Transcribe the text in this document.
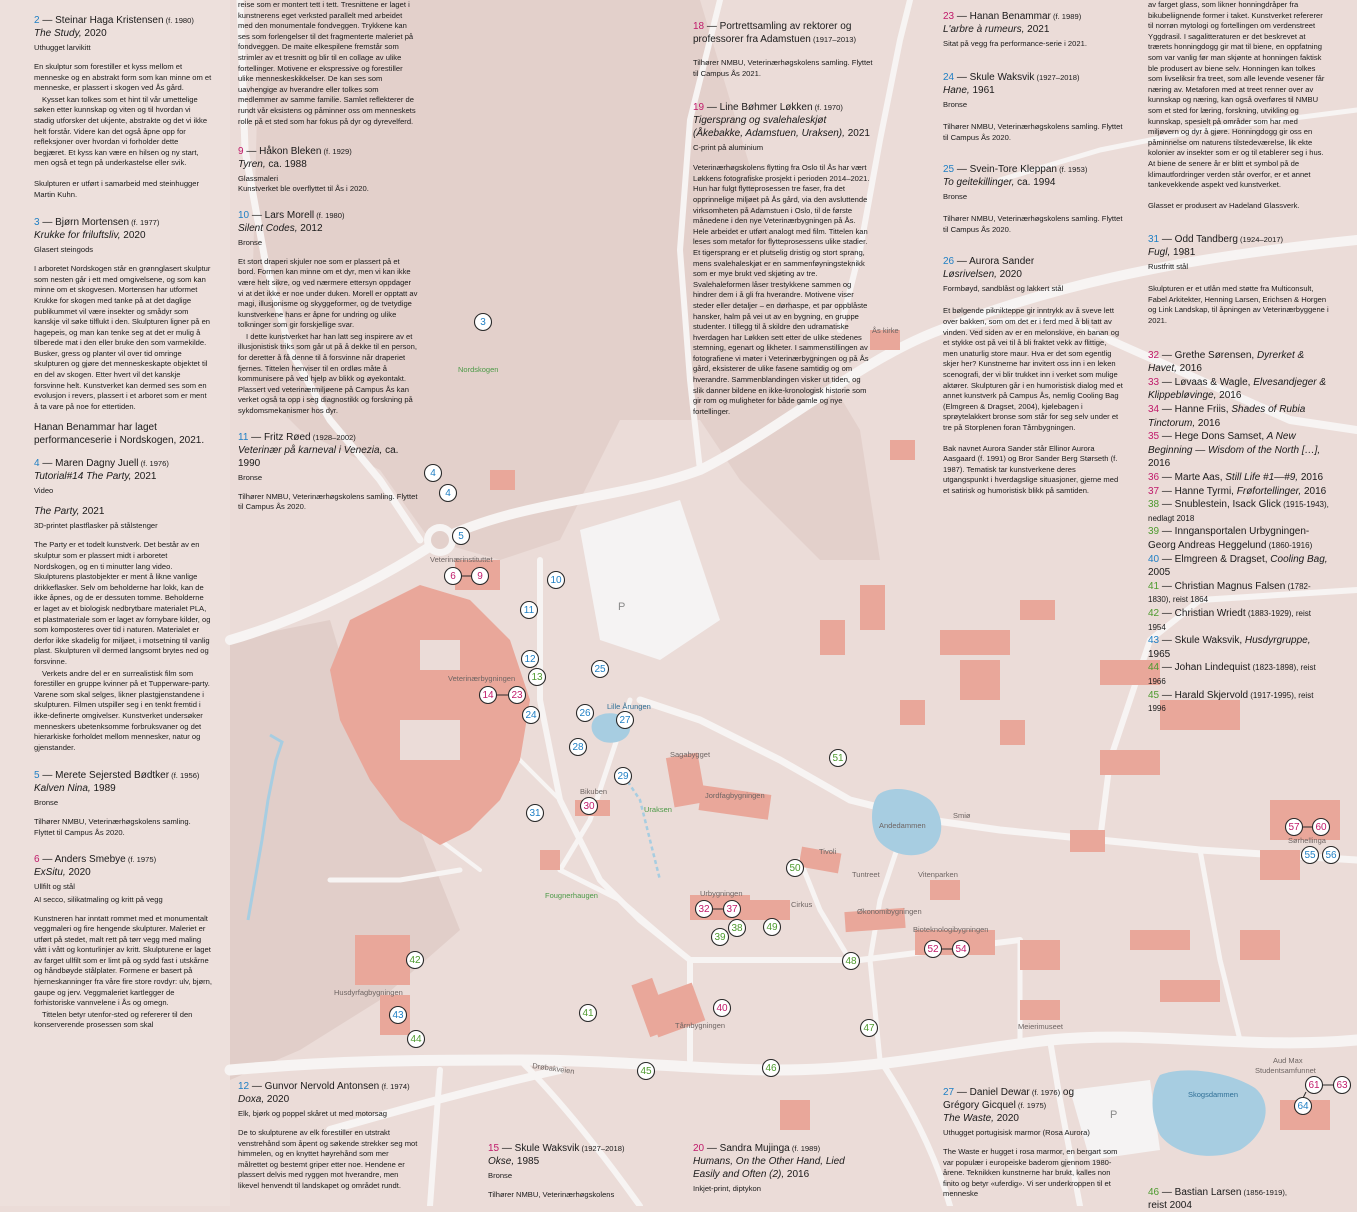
Ås kirke
Nordskogen
Veterinærinstituttet
Veterinærbygningen
P
Lille Årungen
Sagabygget
Jordfagbygningen
Bikuben
Uraksen
Smiø
Andedammen
Tivoli
Tuntreet	Vitenparken
Urbygningen
Cirkus
Økonomibygningen
Bioteknologibygningen
Fougnerhaugen
Husdyrfagbygningen
Tårnbygningen	Meierimuseet
Drøbakveien
Aud Max
Studentsamfunnet
Skogsdammen
P
Sørhellinga
3
4
4
5
6 9	10
11
12
13
25
14 23
24	26
27
28
29
30
31
51
50
32 37
39
38 49
48
52 54
42
43
44
41	40
47
45	46
57 60
55 56
61 63
64
2 — Steinar Haga Kristensen (f. 1980)
The Study, 2020
Uthugget larvikitt

En skulptur som forestiller et kyss mellom et menneske og en abstrakt form som kan minne om et menneske, er plassert i skogen ved Ås gård.

Kysset kan tolkes som et hint til vår umettelige søken etter kunnskap og viten og til hvordan vi stadig utforsker det ukjente, abstrakte og det vi ikke helt forstår. Videre kan det også åpne opp for refleksjoner over hvordan vi forholder dette begjæret. Et kyss kan være en hilsen og ny start, men også et tegn på underkastelse eller svik.

Skulpturen er utført i samarbeid med steinhugger Martin Kuhn.

3 — Bjørn Mortensen (f. 1977)
Krukke for friluftsliv, 2020
Glasert steingods

I arboretet Nordskogen står en grønnglasert skulptur som nesten går i ett med omgivelsene, og som kan minne om et skogvesen. Mortensen har utformet Krukke for skogen med tanke på at det daglige publikummet vil være insekter og smådyr som kanskje vil søke tilflukt i den. Skulpturen ligner på en hagepeis, og man kan tenke seg at det er mulig å tilberede mat i den eller bruke den som varmekilde. Busker, gress og planter vil over tid omringe skulpturen og gjøre det menneskeskapte objektet til en del av skogen. Etter hvert vil det kanskje forsvinne helt. Kunstverket kan dermed ses som en evolusjon i revers, plassert i et arboret som er ment å ta vare på noe for ettertiden.

Hanan Benammar har laget performanceserie i Nordskogen, 2021.

4 — Maren Dagny Juell (f. 1976)
Tutorial#14 The Party, 2021
Video
The Party, 2021
3D-printet plastflasker på stålstenger

The Party er et todelt kunstverk. Det består av en skulptur som er plassert midt i arboretet Nordskogen, og en ti minutter lang video. Skulpturens plastobjekter er ment å likne vanlige drikkeflasker. Selv om beholderne har lokk, kan de ikke åpnes, og de er dessuten tomme. Beholderne er laget av et biologisk nedbrytbare materialet PLA, et plastmateriale som er laget av fornybare kilder, og som komposteres over tid i naturen. Materialet er derfor ikke skadelig for miljøet, i motsetning til vanlig plast. Skulpturen vil dermed langsomt brytes ned og forsvinne.

Verkets andre del er en surrealistisk film som forestiller en gruppe kvinner på et Tupperware-party. Varene som skal selges, likner plastgjenstandene i skulpturen. Filmen utspiller seg i en tenkt fremtid i ikke-definerte omgivelser. Kunstverket undersøker menneskers ubetenksomme forbruksvaner og det hierarkiske forholdet mellom mennesker, natur og gjenstander.

5 — Merete Sejersted Bødtker (f. 1956)
Kalven Nina, 1989
Bronse

Tilhører NMBU, Veterinærhøgskolens samling. Flyttet til Campus Ås 2020.

6 — Anders Smebye (f. 1975)
ExSitu, 2020
Ullfilt og stål
AI secco, silikatmaling og kritt på vegg

Kunstneren har inntatt rommet med et monumentalt veggmaleri og fire hengende skulpturer. Maleriet er utført på stedet, malt rett på tørr vegg med maling vått i vått og konturlinjer av kritt. Skulpturene er laget av farget ullfilt som er limt på og sydd fast i utskårne og håndbøyde stålplater. Formene er basert på hjerneskanninger fra våre fire store rovdyr: ulv, bjørn, gaupe og jerv. Veggmaleriet kartlegger de forhistoriske vannvelene i Ås og omegn.

Tittelen betyr utenfor-sted og refererer til den konserverende prosessen som skal

reise som er montert tett i tett. Tresnittene er laget i kunstnerens eget verksted parallelt med arbeidet med den monumentale fondveggen. Trykkene kan ses som forlengelser til det fragmenterte maleriet på fondveggen. De maite elkespilene fremstår som strimler av et tresnitt og blir til en collage av ulike fortellinger. Motivene er ekspressive og forestiller ulike menneskeskikkelser. De kan ses som uavhengige av hverandre eller tolkes som medlemmer av samme familie. Samlet reflekterer de rundt vår eksistens og påminner oss om menneskets rolle på et sted som har fokus på dyr og dyrevelferd.

9 — Håkon Bleken (f. 1929)
Tyren, ca. 1988
Glassmaleri

Kunstverket ble overflyttet til Ås i 2020.

10 — Lars Morell (f. 1980)
Silent Codes, 2012
Bronse

Et stort draperi skjuler noe som er plassert på et bord. Formen kan minne om et dyr, men vi kan ikke være helt sikre, og ved nærmere ettersyn oppdager vi at det ikke er noe under duken. Morell er opptatt av magi, illusjonisme og skyggeformer, og de tvetydige kunstverkene hans er åpne for undring og ulike tolkninger som gir forskjellige svar.

I dette kunstverket har han latt seg inspirere av et illusjonistisk triks som går ut på å dekke til en person, for deretter å få denne til å forsvinne når draperiet fjernes. Tittelen henviser til en ordløs måte å kommunisere på ved hjelp av blikk og øyekontakt. Plassert ved veterinærmiljøene på Campus Ås kan verket også ta opp i seg diagnostikk og forskning på sykdomsmekanismer hos dyr.

11 — Fritz Røed (1928–2002)
Veterinær på karneval i Venezia, ca. 1990
Bronse

Tilhører NMBU, Veterinærhøgskolens samling. Flyttet til Campus Ås 2020.

12 — Gunvor Nervold Antonsen (f. 1974)
Doxa, 2020
Elk, bjørk og poppel skåret ut med motorsag

De to skulpturene av elk forestiller en utstrakt venstrehånd som åpent og søkende strekker seg mot himmelen, og en knyttet høyrehånd som mer målrettet og bestemt griper etter noe. Hendene er plassert delvis med ryggen mot hverandre, men likevel henvendt til landskapet og området rundt.

15 — Skule Waksvik (1927–2018)
Okse, 1985
Bronse

Tilhører NMBU, Veterinærhøgskolens

18 — Portrettsamling av rektorer og professorer fra Adamstuen (1917–2013)

Tilhører NMBU, Veterinærhøgskolens samling. Flyttet til Campus Ås 2021.

19 — Line Bøhmer Løkken (f. 1970)
Tigersprang og svalehaleskjøt (Åkebakke, Adamstuen, Uraksen), 2021
C-print på aluminium

Veterinærhøgskolens flytting fra Oslo til Ås har vært Løkkens fotografiske prosjekt i perioden 2014–2021. Hun har fulgt flytteprosessen tre faser, fra det opprinnelige miljøet på Ås gård, via den avsluttende virksomheten på Adamstuen i Oslo, til de første månedene i den nye Veterinærbygningen på Ås. Hele arbeidet er utført analogt med film. Tittelen kan leses som metafor for flytteprosessens ulike stadier. Et tigersprang er et plutselig dristig og stort sprang, mens svalehaleskjøt er en sammenføyningsteknikk som er mye brukt ved skjøting av tre. Svalehaleformen låser trestykkene sammen og hindrer dem i å gli fra hverandre. Motivene viser steder eller detaljer – en dørhaspe, et par oppblåste hansker, halm på vei ut av en bygning, en gruppe studenter. I tillegg til å skildre den udramatiske hverdagen har Løkken sett etter de ulike stedenes stemning, egenart og likheter. I sammenstillingen av fotografiene vi møter i Veterinærbygningen og på Ås gård, eksisterer de ulike fasene samtidig og om hverandre. Sammenblandingen visker ut tiden, og slik danner bildene en ikke-kronologisk historie som gir rom og muligheter for både gamle og nye fortellinger.

20 — Sandra Mujinga (f. 1989)
Humans, On the Other Hand, Lied Easily and Often (2), 2016
Inkjet-print, diptykon
23 — Hanan Benammar (f. 1989)
L'arbre à rumeurs, 2021
Sitat på vegg fra performance-serie i 2021.
24 — Skule Waksvik (1927–2018)
Hane, 1961
Bronse

Tilhører NMBU, Veterinærhøgskolens samling. Flyttet til Campus Ås 2020.

25 — Svein-Tore Kleppan (f. 1953)
To geitekillinger, ca. 1994
Bronse

Tilhører NMBU, Veterinærhøgskolens samling. Flyttet til Campus Ås 2020.

26 — Aurora Sander
Løsrivelsen, 2020
Formbøyd, sandblåst og lakkert stål

Et bølgende piknikteppe gir inntrykk av å sveve lett over bakken, som om det er i ferd med å bli tatt av vinden. Ved siden av er en melonskive, en banan og et stykke ost på vei til å bli fraktet vekk av flittige, men unaturlig store maur. Hva er det som egentlig skjer her? Kunstnerne har invitert oss inn i en leken scenografi, der vi blir trukket inn i verket som mulige aktører. Skulpturen går i en humoristisk dialog med et annet kunstverk på Campus Ås, nemlig Cooling Bag (Elmgreen & Dragset, 2004), kjølebagen i sprøytelakkert bronse som står for seg selv under et tre på Storplenen foran Tårnbygningen.

Bak navnet Aurora Sander står Ellinor Aurora Aasgaard (f. 1991) og Bror Sander Berg Størseth (f. 1987). Tematisk tar kunstverkene deres utgangspunkt i hverdagslige situasjoner, gjerne med et satirisk og humoristisk blikk på samtiden.

27 — Daniel Dewar (f. 1976) og
Grégory Gicquel (f. 1975)
The Waste, 2020
Uthugget portugisisk marmor (Rosa Aurora)

The Waste er hugget i rosa marmor, en bergart som var populær i europeiske baderom gjennom 1980-årene. Teknikken kunstnerne har brukt, kalles non finito og betyr «uferdig». Vi ser underkroppen til et menneske

av farget glass, som likner honningdråper fra bikubeliignende former i taket. Kunstverket refererer til norrøn mytologi og fortellingen om verdenstreet Yggdrasil. I sagalitteraturen er det beskrevet at trærets honningdogg gir mat til biene, en oppfatning som var vanlig før man skjønte at honningen faktisk ble produsert av biene selv. Honningen kan tolkes som livseliksir fra treet, som alle levende vesener får næring av. Metaforen med at treet renner over av kunnskap og næring, kan også overføres til NMBU som et sted for læring, forskning, utvikling og kunnskap, spesielt på områder som har med miljøvern og dyr å gjøre. Honningdogg gir oss en påminnelse om naturens tilstedeværelse, lik ekte kolonier av insekter som er og til etablerer seg i hus. At biene de senere år er blitt et symbol på de klimautfordringer verden står overfor, er et annet tankevekkende aspekt ved kunstverket.

Glasset er produsert av Hadeland Glassverk.

31 — Odd Tandberg (1924–2017)
Fugl, 1981
Rustfritt stål

Skulpturen er et utlån med støtte fra Multiconsult, Fabel Arkitekter, Henning Larsen, Erichsen & Horgen og Link Landskap, til åpningen av Veterinærbyggene i 2021.

32 — Grethe Sørensen, Dyrerket & Havet, 2016
33 — Løvaas & Wagle, Elvesandjeger & Klippebløvinge, 2016
34 — Hanne Friis, Shades of Rubia Tinctorum, 2016
35 — Hege Dons Samset, A New Beginning — Wisdom of the North […], 2016
36 — Marte Aas, Still Life #1—#9, 2016
37 — Hanne Tyrmi, Frøfortellinger, 2016
38 — Snublestein, Isack Glick (1915-1943), nedlagt 2018
39 — Inngansportalen Urbygningen- Georg Andreas Heggelund (1860-1916)
40 — Elmgreen & Dragset, Cooling Bag, 2005
41 — Christian Magnus Falsen (1782-1830), reist 1864
42 — Christian Wriedt (1883-1929), reist 1954
43 — Skule Waksvik, Husdyrgruppe, 1965
44 — Johan Lindequist (1823-1898), reist 1966
45 — Harald Skjervold (1917-1995), reist 1996
46 — Bastian Larsen (1856-1919),
reist 2004
